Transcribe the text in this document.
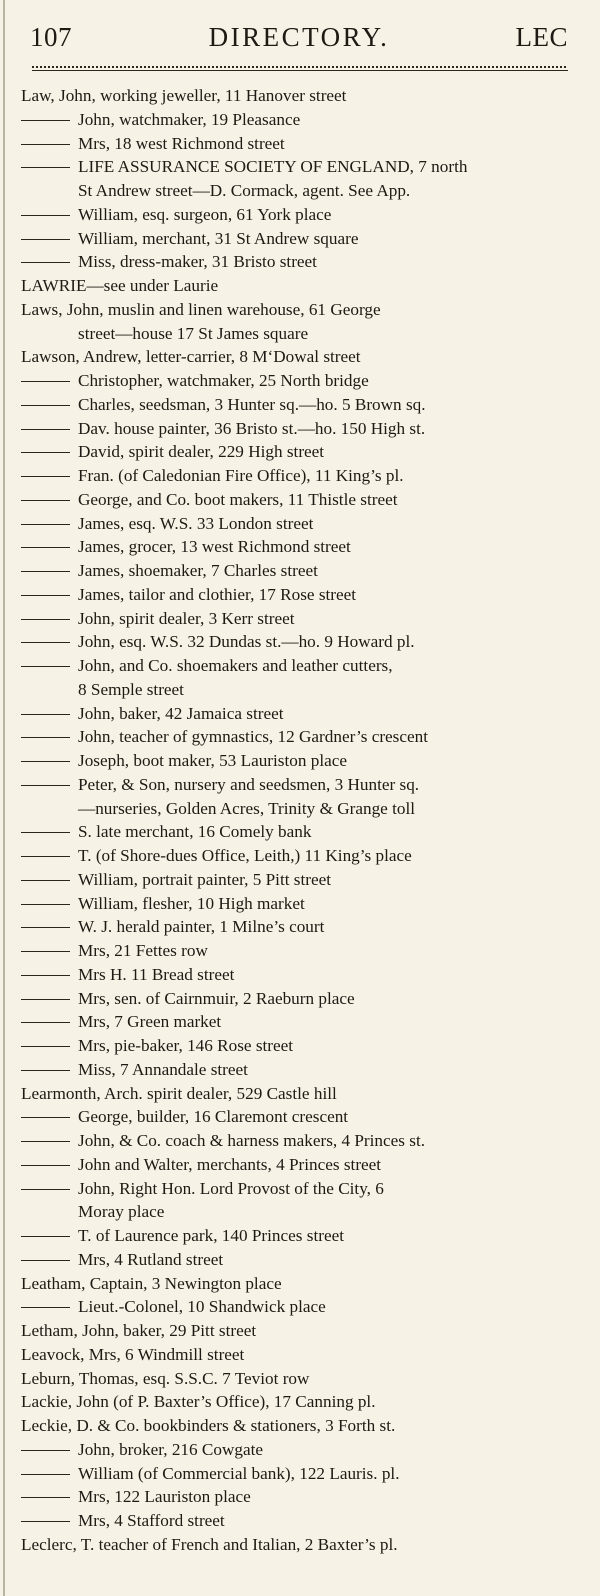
107	DIRECTORY.	LEC
Law, John, working jeweller, 11 Hanover street
John, watchmaker, 19 Pleasance
Mrs, 18 west Richmond street
LIFE ASSURANCE SOCIETY OF ENGLAND, 7 north
St Andrew street—D. Cormack, agent. See App.
William, esq. surgeon, 61 York place
William, merchant, 31 St Andrew square
Miss, dress-maker, 31 Bristo street
LAWRIE—see under Laurie
Laws, John, muslin and linen warehouse, 61 George
street—house 17 St James square
Lawson, Andrew, letter-carrier, 8 M‘Dowal street
Christopher, watchmaker, 25 North bridge
Charles, seedsman, 3 Hunter sq.—ho. 5 Brown sq.
Dav. house painter, 36 Bristo st.—ho. 150 High st.
David, spirit dealer, 229 High street
Fran. (of Caledonian Fire Office), 11 King’s pl.
George, and Co. boot makers, 11 Thistle street
James, esq. W.S. 33 London street
James, grocer, 13 west Richmond street
James, shoemaker, 7 Charles street
James, tailor and clothier, 17 Rose street
John, spirit dealer, 3 Kerr street
John, esq. W.S. 32 Dundas st.—ho. 9 Howard pl.
John, and Co. shoemakers and leather cutters,
8 Semple street
John, baker, 42 Jamaica street
John, teacher of gymnastics, 12 Gardner’s crescent
Joseph, boot maker, 53 Lauriston place
Peter, & Son, nursery and seedsmen, 3 Hunter sq.
—nurseries, Golden Acres, Trinity & Grange toll
S. late merchant, 16 Comely bank
T. (of Shore-dues Office, Leith,) 11 King’s place
William, portrait painter, 5 Pitt street
William, flesher, 10 High market
W. J. herald painter, 1 Milne’s court
Mrs, 21 Fettes row
Mrs H. 11 Bread street
Mrs, sen. of Cairnmuir, 2 Raeburn place
Mrs, 7 Green market
Mrs, pie-baker, 146 Rose street
Miss, 7 Annandale street
Learmonth, Arch. spirit dealer, 529 Castle hill
George, builder, 16 Claremont crescent
John, & Co. coach & harness makers, 4 Princes st.
John and Walter, merchants, 4 Princes street
John, Right Hon. Lord Provost of the City, 6
Moray place
T. of Laurence park, 140 Princes street
Mrs, 4 Rutland street
Leatham, Captain, 3 Newington place
Lieut.-Colonel, 10 Shandwick place
Letham, John, baker, 29 Pitt street
Leavock, Mrs, 6 Windmill street
Leburn, Thomas, esq. S.S.C. 7 Teviot row
Lackie, John (of P. Baxter’s Office), 17 Canning pl.
Leckie, D. & Co. bookbinders & stationers, 3 Forth st.
John, broker, 216 Cowgate
William (of Commercial bank), 122 Lauris. pl.
Mrs, 122 Lauriston place
Mrs, 4 Stafford street
Leclerc, T. teacher of French and Italian, 2 Baxter’s pl.
